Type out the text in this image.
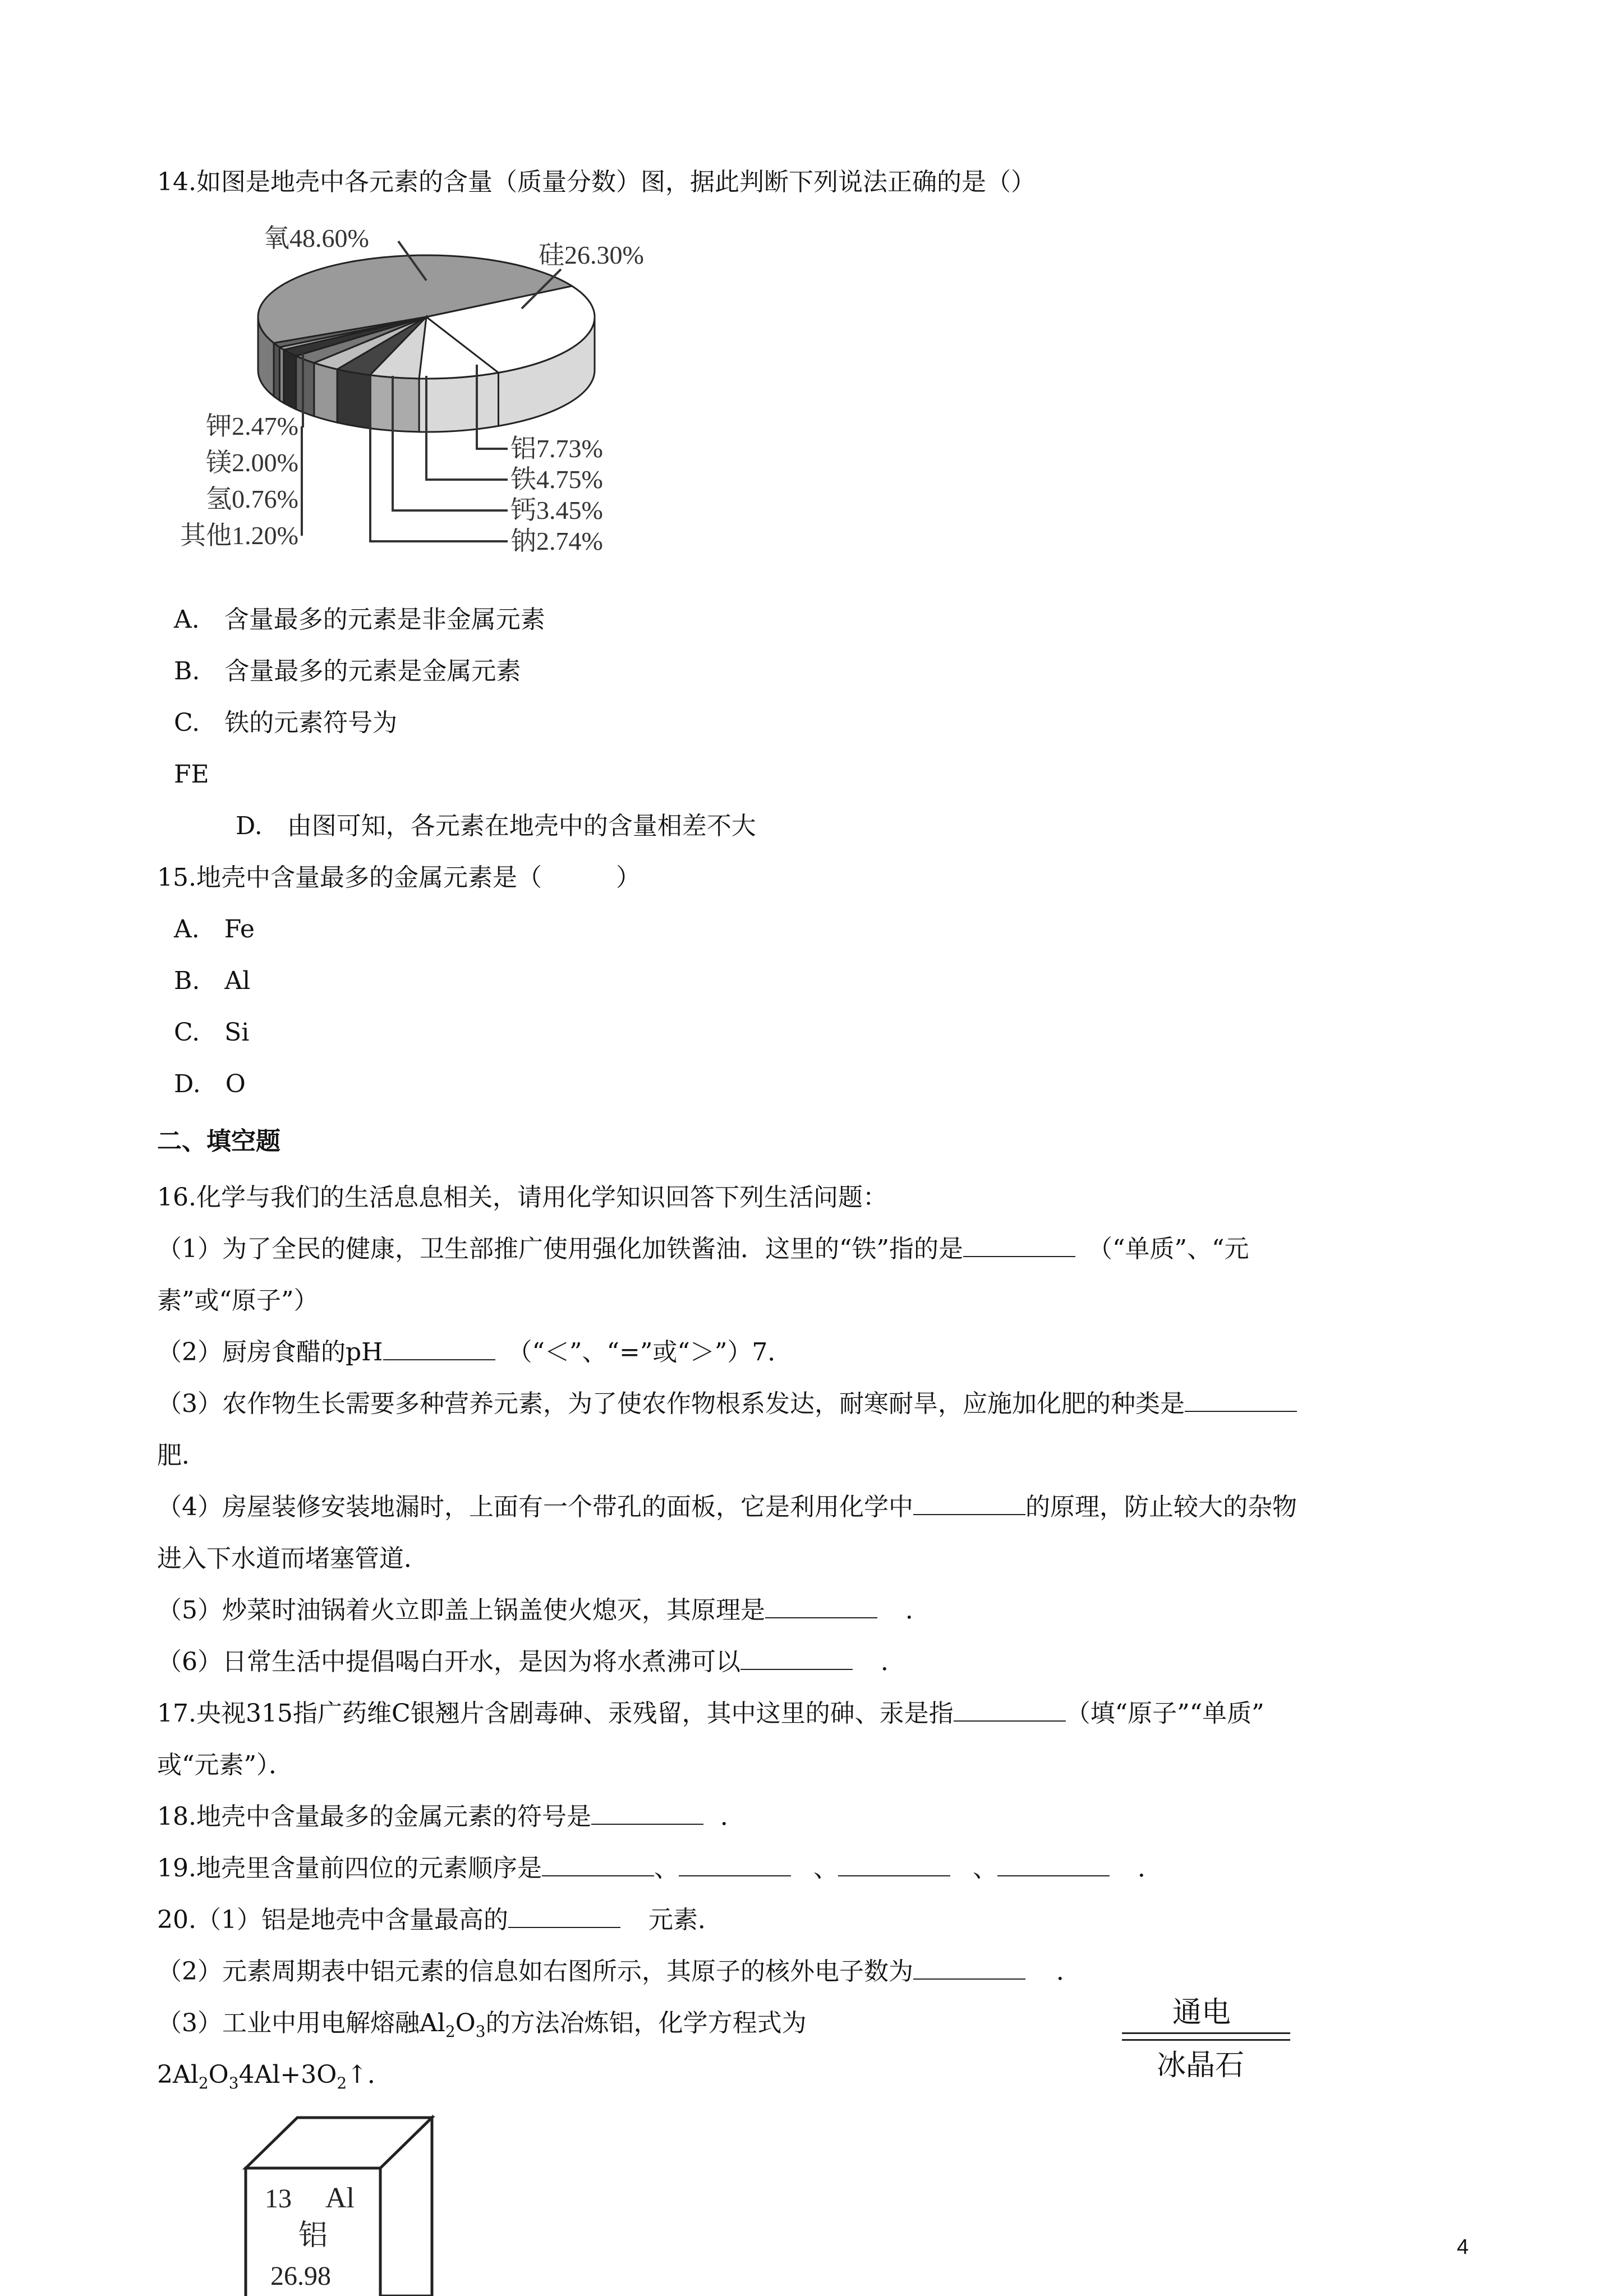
14.如图是地壳中各元素的含量（质量分数）图，据此判断下列说法正确的是（）
氧48.60%
硅26.30%
铝7.73%
铁4.75%
钙3.45%
钠2.74%
钾2.47%
镁2.00%
氢0.76%
其他1.20%
A.　含量最多的元素是非金属元素
B.　含量最多的元素是金属元素
C.　铁的元素符号为
FE
D.　由图可知，各元素在地壳中的含量相差不大
15.地壳中含量最多的金属元素是（　　　）
A.　Fe
B.　Al
C.　Si
D.　O
二、填空题
16.化学与我们的生活息息相关，请用化学知识回答下列生活问题：
（1）为了全民的健康，卫生部推广使用强化加铁酱油．这里的“铁”指的是	　（“单质”、“元
素”或“原子”）
（2）厨房食醋的pH	　（“＜”、“=”或“＞”）7．
（3）农作物生长需要多种营养元素，为了使农作物根系发达，耐寒耐旱，应施加化肥的种类是
肥．
（4）房屋装修安装地漏时，上面有一个带孔的面板，它是利用化学中	的原理，防止较大的杂物
进入下水道而堵塞管道．
（5）炒菜时油锅着火立即盖上锅盖使火熄灭，其原理是	．
（6）日常生活中提倡喝白开水，是因为将水煮沸可以	．
17.央视315指广药维C银翘片含剧毒砷、汞残留，其中这里的砷、汞是指	（填“原子”“单质”
或“元素”）．
18.地壳中含量最多的金属元素的符号是	．
19.地壳里含量前四位的元素顺序是	、	、	、	．
20.（1）铝是地壳中含量最高的	元素．
（2）元素周期表中铝元素的信息如右图所示，其原子的核外电子数为	．
（3）工业中用电解熔融$Al_2O_3$的方法冶炼铝，化学方程式为	通电
冰晶石
$2Al_2O_34Al+3O_2↑$．
13 Al
铝
26.98
4
